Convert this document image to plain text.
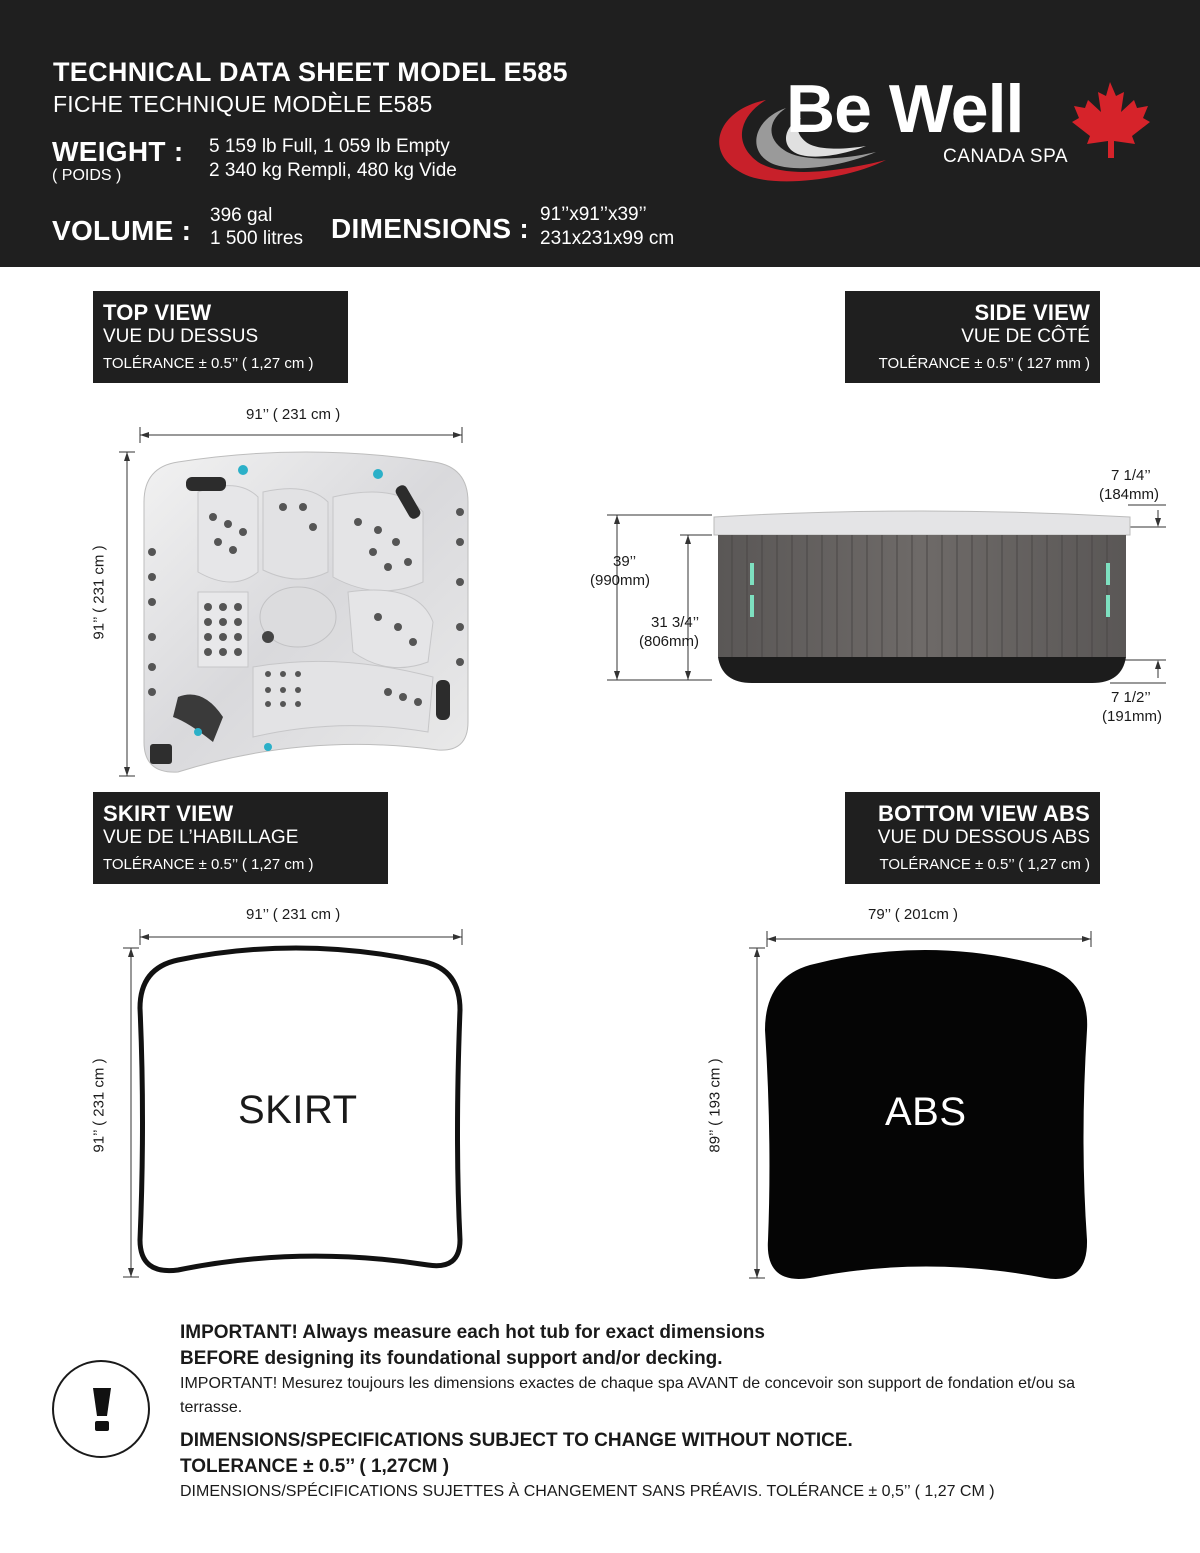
TECHNICAL DATA SHEET MODEL E585
FICHE TECHNIQUE MODÈLE E585
WEIGHT :
( POIDS )
5 159 lb Full, 1 059 lb Empty
2 340 kg Rempli, 480 kg Vide
VOLUME : 396 gal
1 500 litres DIMENSIONS : 91’’x91’’x39’’
231x231x99 cm
Be Well
CANADA SPA
TOP VIEW
VUE DU DESSUS
TOLÉRANCE ± 0.5’’ ( 1,27 cm )
SIDE VIEW
VUE DE CÔTÉ
TOLÉRANCE ± 0.5’’ ( 127 mm )
91’’ ( 231 cm )
91’’ ( 231 cm )
7 1/4’’
(184mm)
39’’
(990mm)
31 3/4’’
(806mm)
7 1/2’’
(191mm)
SKIRT VIEW
VUE DE L’HABILLAGE
TOLÉRANCE ± 0.5’’ ( 1,27 cm )
BOTTOM VIEW ABS
VUE DU DESSOUS ABS
TOLÉRANCE ± 0.5’’ ( 1,27 cm )
91’’ ( 231 cm )
91’’ ( 231 cm )	SKIRT
79’’ ( 201cm )
89’’ ( 193 cm )	ABS
IMPORTANT! Always measure each hot tub for exact dimensions
BEFORE designing its foundational support and/or decking.
IMPORTANT! Mesurez toujours les dimensions exactes de chaque spa AVANT de concevoir son support de fondation et/ou sa terrasse.
DIMENSIONS/SPECIFICATIONS SUBJECT TO CHANGE WITHOUT NOTICE.
TOLERANCE ± 0.5’’ ( 1,27CM )
DIMENSIONS/SPÉCIFICATIONS SUJETTES À CHANGEMENT SANS PRÉAVIS. TOLÉRANCE ± 0,5’’ ( 1,27 CM )
